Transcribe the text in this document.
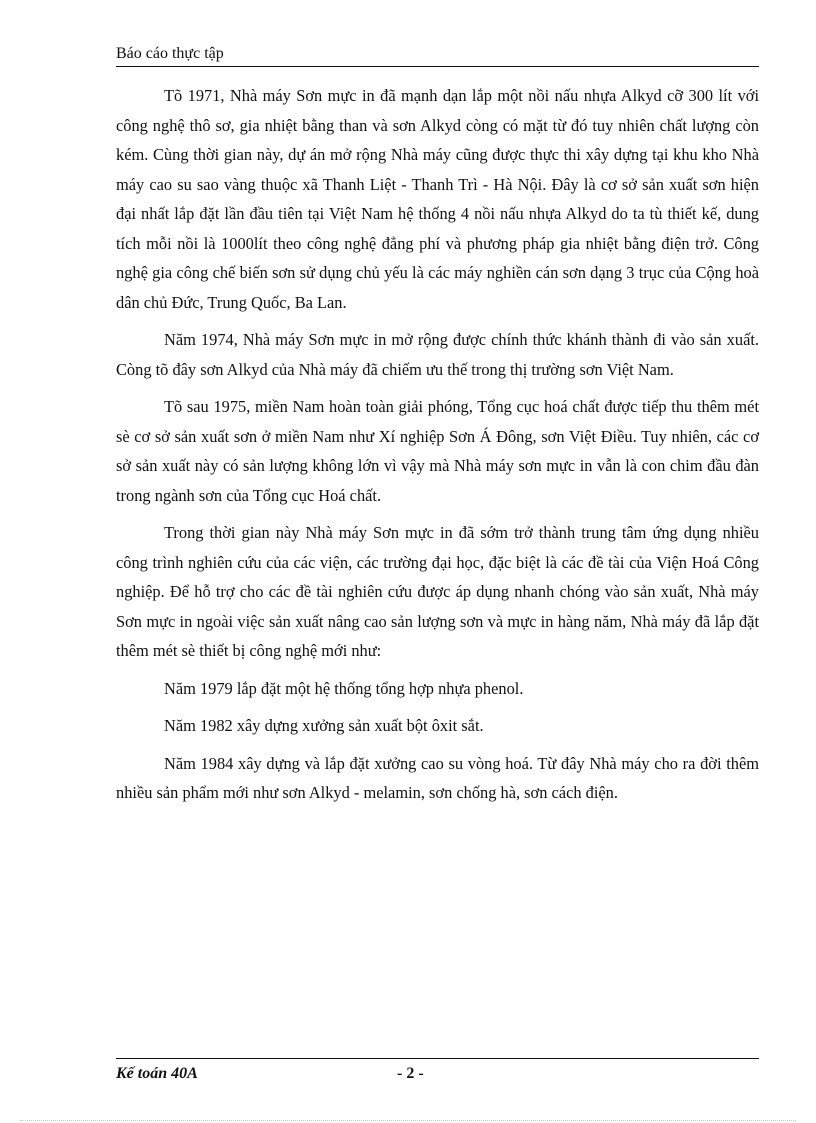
Báo cáo thực tập

Tõ 1971, Nhà máy Sơn mực in đã mạnh dạn lắp một nồi nấu nhựa Alkyd cỡ 300 lít với công nghệ thô sơ, gia nhiệt bằng than và sơn Alkyd còng có mặt từ đó tuy nhiên chất lượng còn kém. Cùng thời gian này, dự án mở rộng Nhà máy cũng được thực thi xây dựng tại khu kho Nhà máy cao su sao vàng thuộc xã Thanh Liệt - Thanh Trì - Hà Nội. Đây là cơ sở sản xuất sơn hiện đại nhất lắp đặt lần đầu tiên tại Việt Nam hệ thống 4 nồi nấu nhựa Alkyd do ta tù thiết kế, dung tích mỗi nồi là 1000lít theo công nghệ đẳng phí và phương pháp gia nhiệt bằng điện trở. Công nghệ gia công chế biến sơn sử dụng chủ yếu là các máy nghiền cán sơn dạng 3 trục của Cộng hoà dân chủ Đức, Trung Quốc, Ba Lan.

Năm 1974, Nhà máy Sơn mực in mở rộng được chính thức khánh thành đi vào sản xuất. Còng tõ đây sơn Alkyd của Nhà máy đã chiếm ưu thế trong thị trường sơn Việt Nam.

Tõ sau 1975, miền Nam hoàn toàn giải phóng, Tổng cục hoá chất được tiếp thu thêm mét sè cơ sở sản xuất sơn ở miền Nam như Xí nghiệp Sơn Á Đông, sơn Việt Điều. Tuy nhiên, các cơ sở sản xuất này có sản lượng không lớn vì vậy mà Nhà máy sơn mực in vẫn là con chim đầu đàn trong ngành sơn của Tổng cục Hoá chất.

Trong thời gian này Nhà máy Sơn mực in đã sớm trở thành trung tâm ứng dụng nhiều công trình nghiên cứu của các viện, các trường đại học, đặc biệt là các đề tài của Viện Hoá Công nghiệp. Để hỗ trợ cho các đề tài nghiên cứu được áp dụng nhanh chóng vào sản xuất, Nhà máy Sơn mực in ngoài việc sản xuất nâng cao sản lượng sơn và mực in hàng năm, Nhà máy đã lắp đặt thêm mét sè thiết bị công nghệ mới như:

Năm 1979 lắp đặt một hệ thống tổng hợp nhựa phenol.

Năm 1982 xây dựng xưởng sản xuất bột ôxit sắt.

Năm 1984 xây dựng và lắp đặt xưởng cao su vòng hoá. Từ đây Nhà máy cho ra đời thêm nhiều sản phẩm mới như sơn Alkyd - melamin, sơn chống hà, sơn cách điện.

Kế toán 40A	- 2 -
